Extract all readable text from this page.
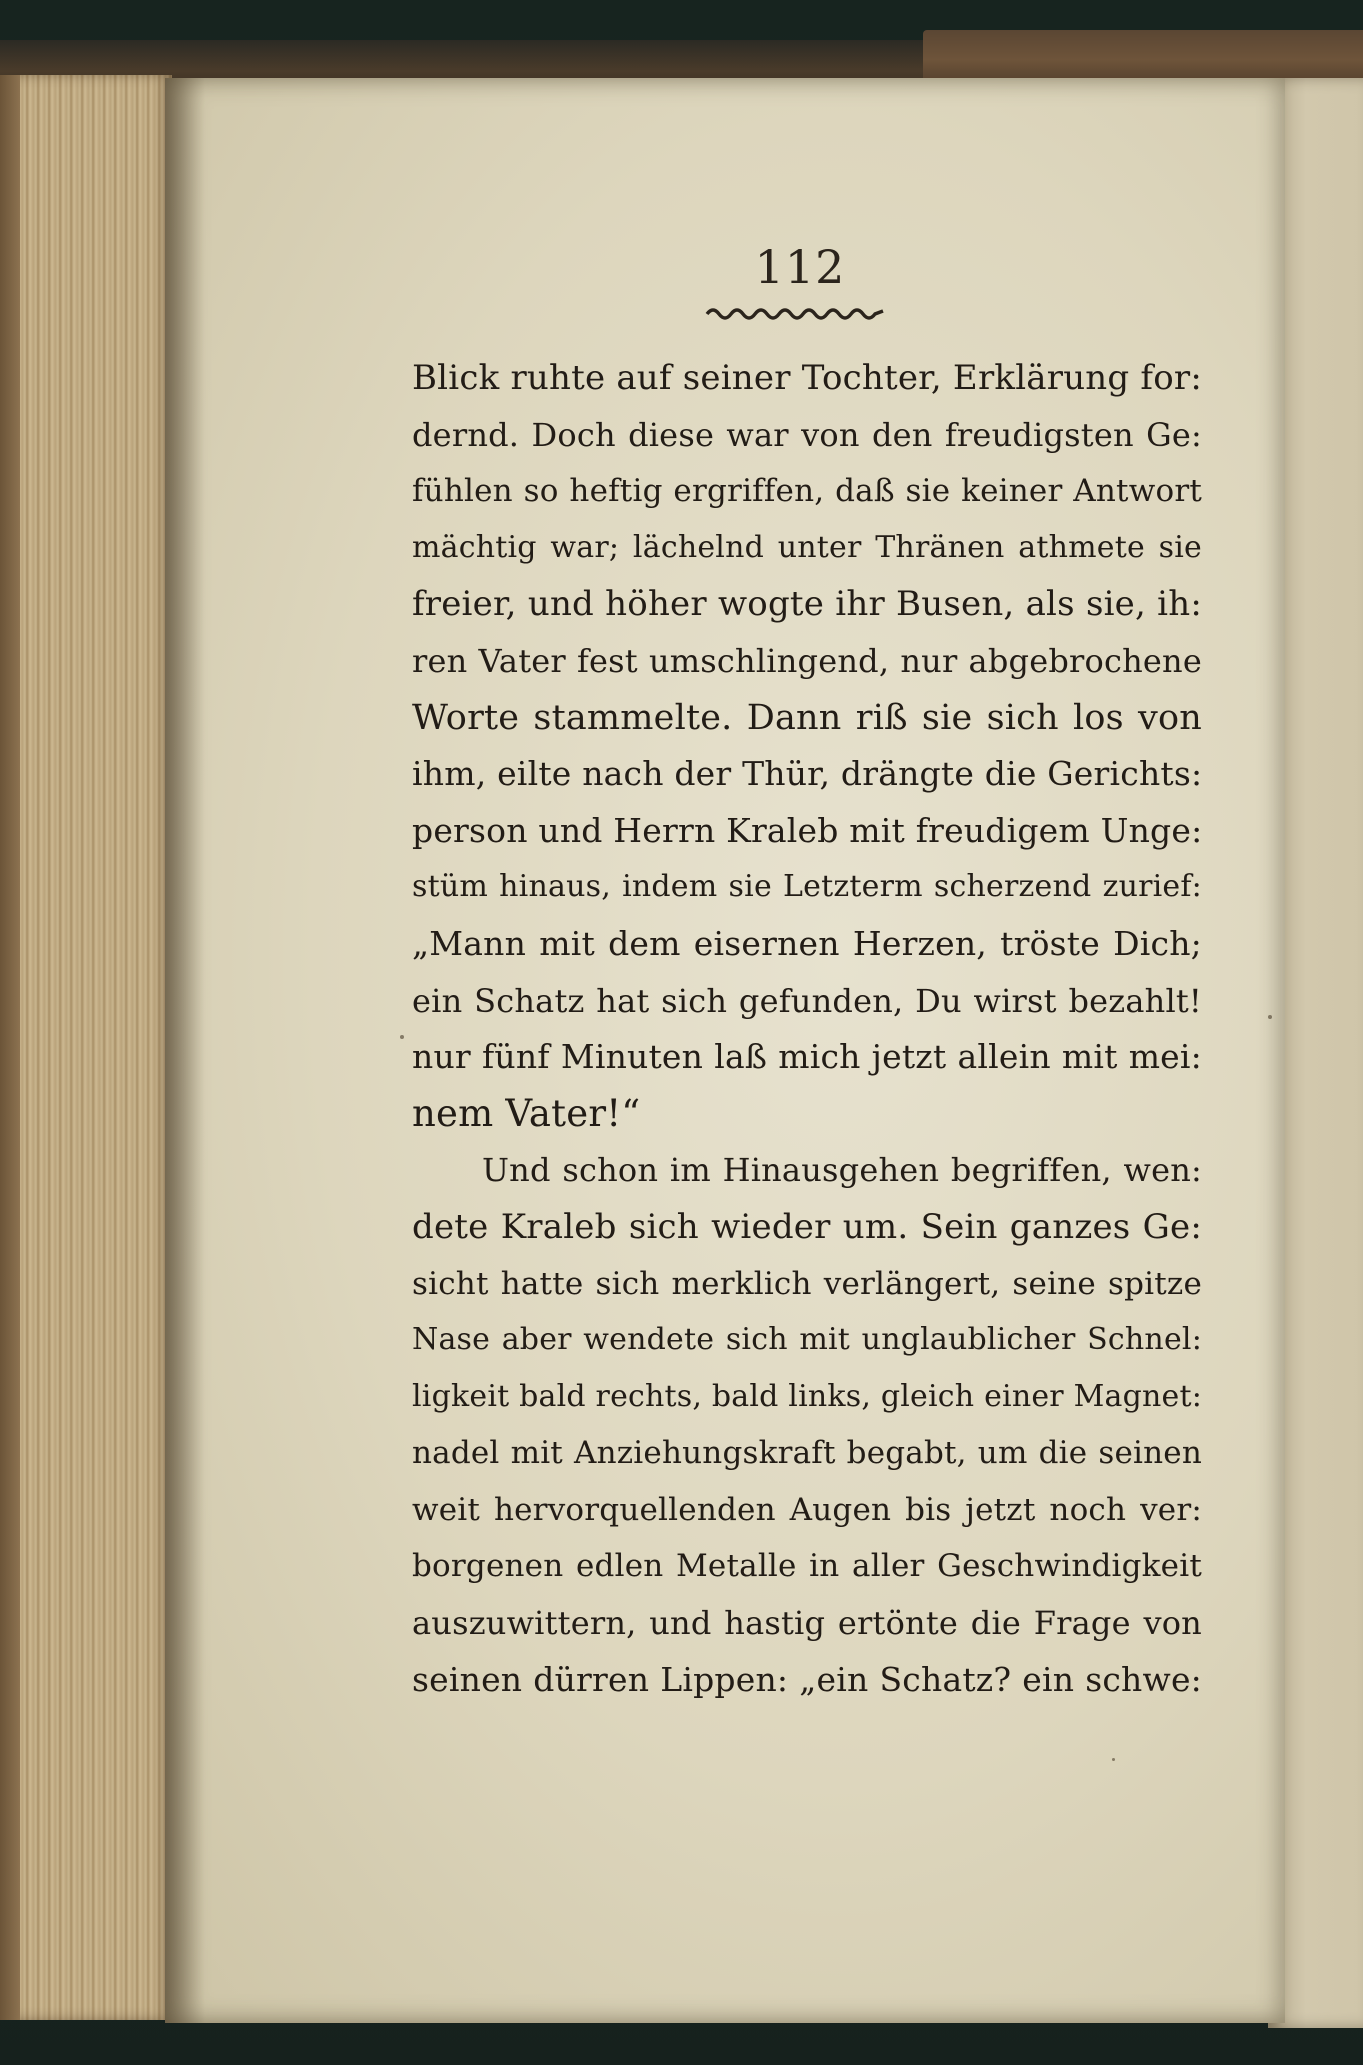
112
Blick ruhte auf seiner Tochter, Erklärung for:
dernd. Doch diese war von den freudigsten Ge:
fühlen so heftig ergriffen, daß sie keiner Antwort
mächtig war; lächelnd unter Thränen athmete sie
freier, und höher wogte ihr Busen, als sie, ih:
ren Vater fest umschlingend, nur abgebrochene
Worte stammelte. Dann riß sie sich los von
ihm, eilte nach der Thür, drängte die Gerichts:
person und Herrn Kraleb mit freudigem Unge:
stüm hinaus, indem sie Letzterm scherzend zurief:
„Mann mit dem eisernen Herzen, tröste Dich;
ein Schatz hat sich gefunden, Du wirst bezahlt!
nur fünf Minuten laß mich jetzt allein mit mei:
nem Vater!“
Und schon im Hinausgehen begriffen, wen:
dete Kraleb sich wieder um. Sein ganzes Ge:
sicht hatte sich merklich verlängert, seine spitze
Nase aber wendete sich mit unglaublicher Schnel:
ligkeit bald rechts, bald links, gleich einer Magnet:
nadel mit Anziehungskraft begabt, um die seinen
weit hervorquellenden Augen bis jetzt noch ver:
borgenen edlen Metalle in aller Geschwindigkeit
auszuwittern, und hastig ertönte die Frage von
seinen dürren Lippen: „ein Schatz? ein schwe:
